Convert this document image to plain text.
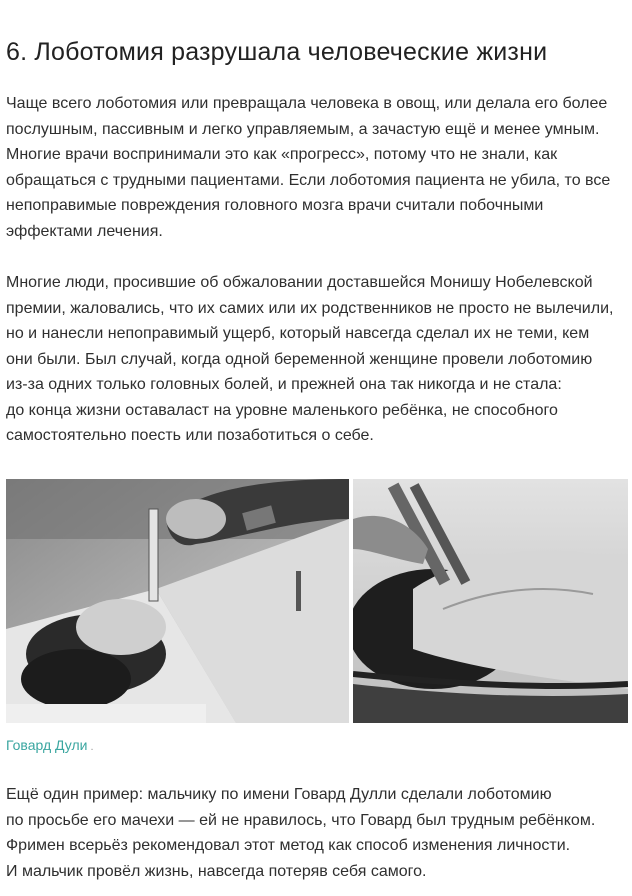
6. Лоботомия разрушала человеческие жизни
Чаще всего лоботомия или превращала человека в овощ, или делала его более
послушным, пассивным и легко управляемым, а зачастую ещё и менее умным.
Многие врачи воспринимали это как «прогресс», потому что не знали, как
обращаться с трудными пациентами. Если лоботомия пациента не убила, то все
непоправимые повреждения головного мозга врачи считали побочными
эффектами лечения.
Многие люди, просившие об обжаловании доставшейся Монишу Нобелевской
премии, жаловались, что их самих или их родственников не просто не вылечили,
но и нанесли непоправимый ущерб, который навсегда сделал их не теми, кем
они были. Был случай, когда одной беременной женщине провели лоботомию
из-за одних только головных болей, и прежней она так никогда и не стала:
до конца жизни оставаласт на уровне маленького ребёнка, не способного
самостоятельно поесть или позаботиться о себе.
Говард Дули .
Ещё один пример: мальчику по имени Говард Дулли сделали лоботомию
по просьбе его мачехи — ей не нравилось, что Говард был трудным ребёнком.
Фримен всерьёз рекомендовал этот метод как способ изменения личности.
И мальчик провёл жизнь, навсегда потеряв себя самого.
